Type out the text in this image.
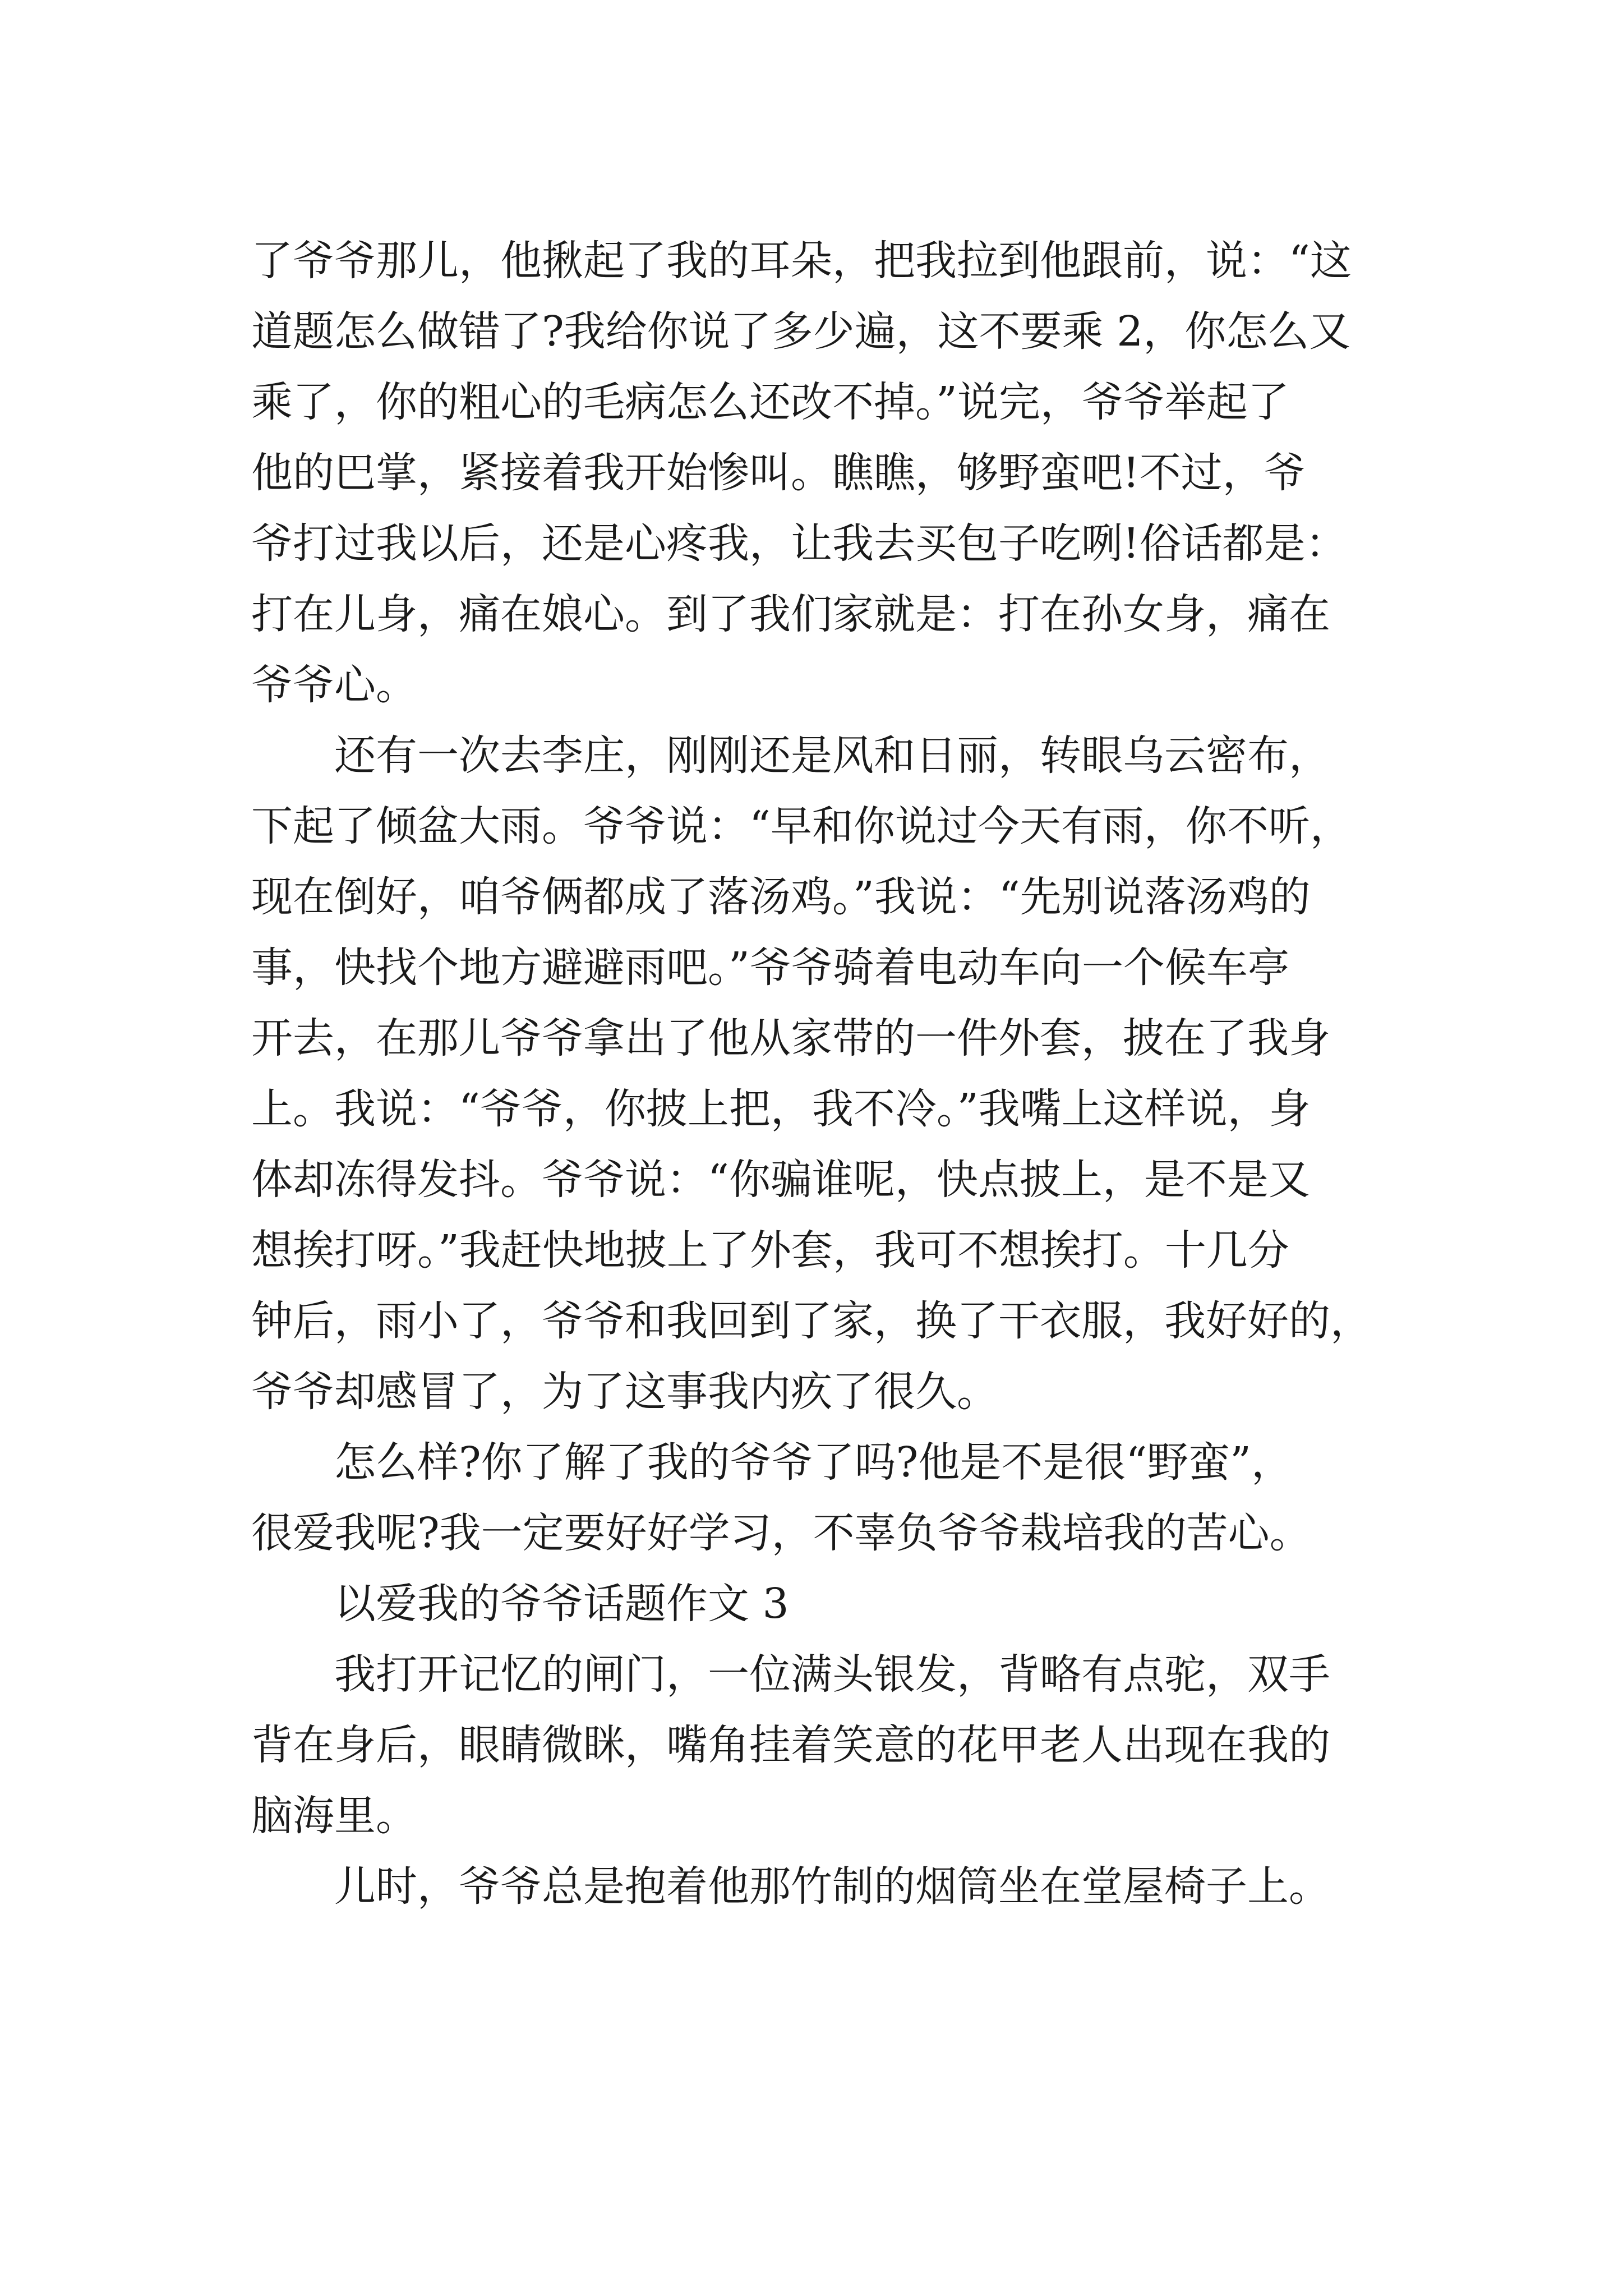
了爷爷那儿，他揪起了我的耳朵，把我拉到他跟前，说：“这
道题怎么做错了?我给你说了多少遍，这不要乘 2，你怎么又
乘了，你的粗心的毛病怎么还改不掉。”说完，爷爷举起了
他的巴掌，紧接着我开始惨叫。瞧瞧，够野蛮吧!不过，爷
爷打过我以后，还是心疼我，让我去买包子吃咧!俗话都是：
打在儿身，痛在娘心。到了我们家就是：打在孙女身，痛在
爷爷心。
　　还有一次去李庄，刚刚还是风和日丽，转眼乌云密布，
下起了倾盆大雨。爷爷说：“早和你说过今天有雨，你不听，
现在倒好，咱爷俩都成了落汤鸡。”我说：“先别说落汤鸡的
事，快找个地方避避雨吧。”爷爷骑着电动车向一个候车亭
开去，在那儿爷爷拿出了他从家带的一件外套，披在了我身
上。我说：“爷爷，你披上把，我不冷。”我嘴上这样说，身
体却冻得发抖。爷爷说：“你骗谁呢，快点披上，是不是又
想挨打呀。”我赶快地披上了外套，我可不想挨打。十几分
钟后，雨小了，爷爷和我回到了家，换了干衣服，我好好的，
爷爷却感冒了，为了这事我内疚了很久。
　　怎么样?你了解了我的爷爷了吗?他是不是很“野蛮”，
很爱我呢?我一定要好好学习，不辜负爷爷栽培我的苦心。
　　以爱我的爷爷话题作文 3
　　我打开记忆的闸门，一位满头银发，背略有点驼，双手
背在身后，眼睛微眯，嘴角挂着笑意的花甲老人出现在我的
脑海里。
　　儿时，爷爷总是抱着他那竹制的烟筒坐在堂屋椅子上。
